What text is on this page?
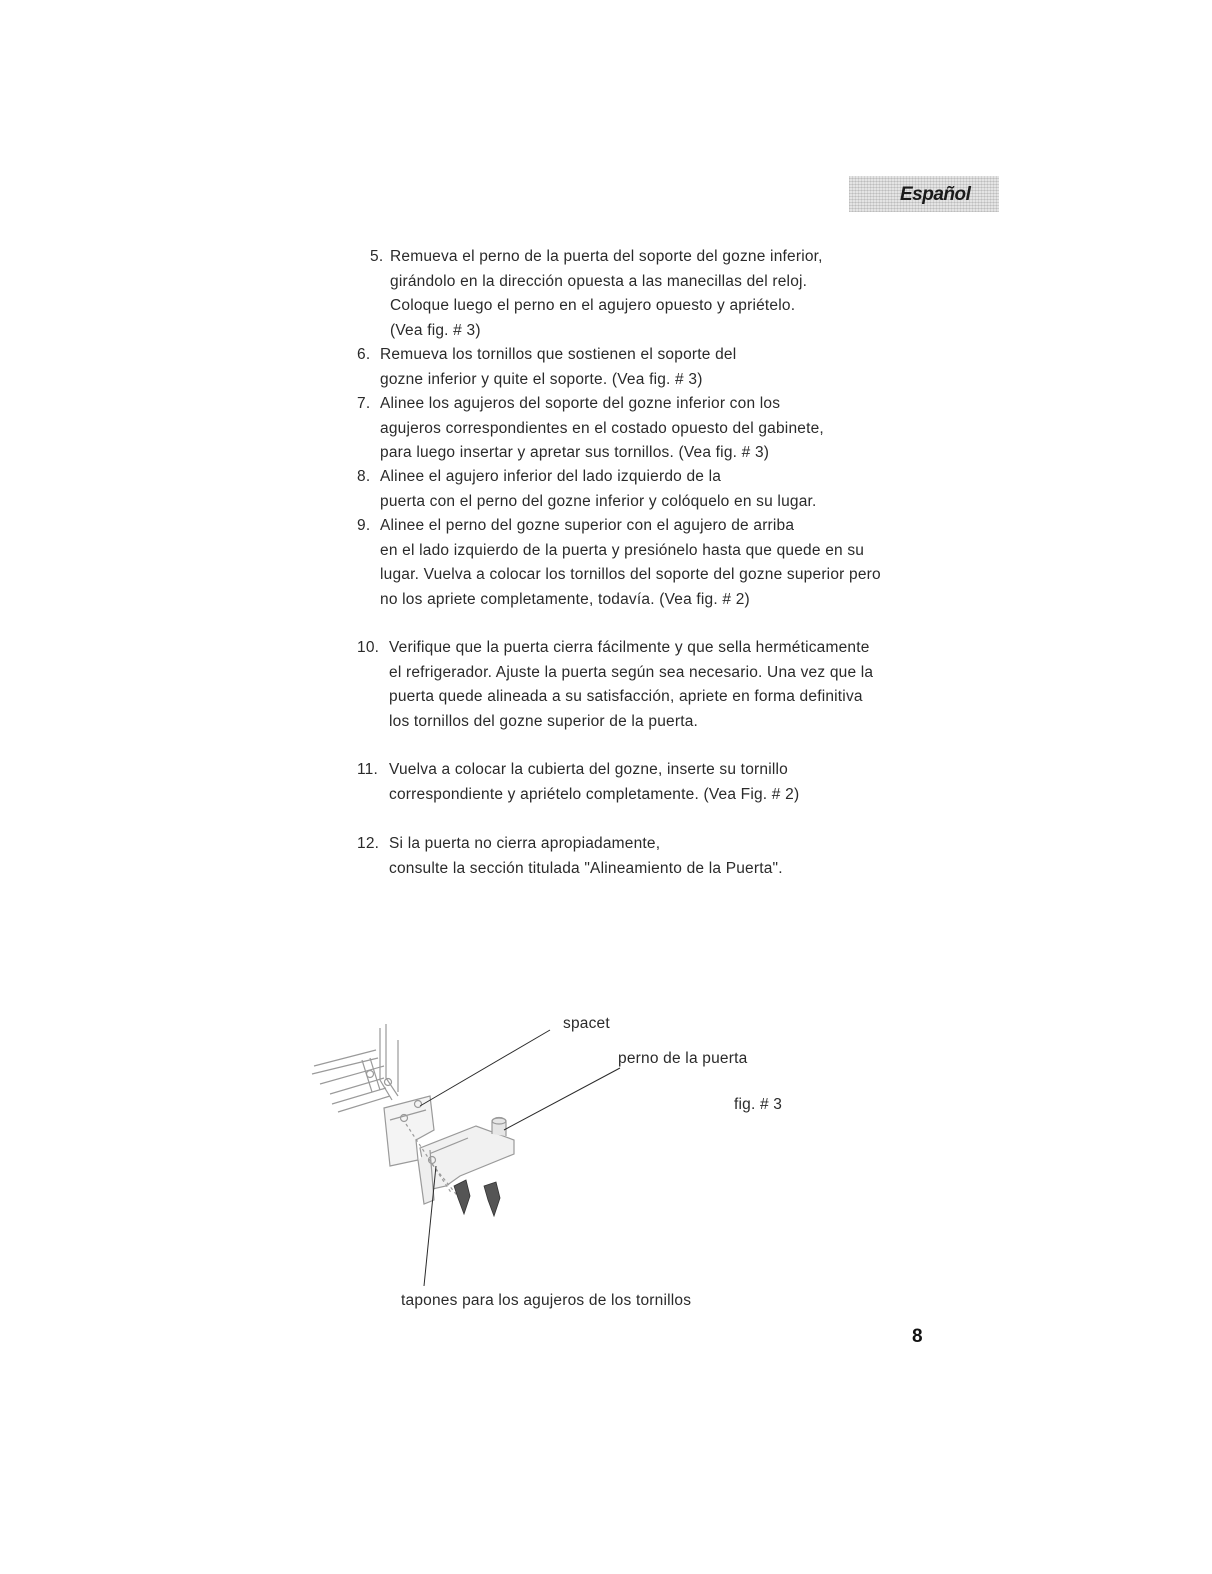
Español
5. Remueva el perno de la puerta del soporte del gozne inferior,
girándolo en la dirección opuesta a las manecillas del reloj.
Coloque luego el perno en el agujero opuesto y apriételo.
(Vea fig. # 3)
6. Remueva los tornillos que sostienen el soporte del
gozne inferior y quite el soporte. (Vea fig. # 3)
7. Alinee los agujeros del soporte del gozne inferior con los
agujeros correspondientes en el costado opuesto del gabinete,
para luego insertar y apretar sus tornillos. (Vea fig. # 3)
8. Alinee el agujero inferior del lado izquierdo de la
puerta con el perno del gozne inferior y colóquelo en su lugar.
9. Alinee el perno del gozne superior con el agujero de arriba
en el lado izquierdo de la puerta y presiónelo hasta que quede en su
lugar. Vuelva a colocar los tornillos del soporte del gozne superior pero
no los apriete completamente, todavía. (Vea fig. # 2)
10. Verifique que la puerta cierra fácilmente y que sella herméticamente
el refrigerador. Ajuste la puerta según sea necesario. Una vez que la
puerta quede alineada a su satisfacción, apriete en forma definitiva
los tornillos del gozne superior de la puerta.
11. Vuelva a colocar la cubierta del gozne, inserte su tornillo
correspondiente y apriételo completamente. (Vea Fig. # 2)
12. Si la puerta no cierra apropiadamente,
consulte la sección titulada "Alineamiento de la Puerta".
spacet
perno de la puerta
fig. # 3
tapones para los agujeros de los tornillos
8
